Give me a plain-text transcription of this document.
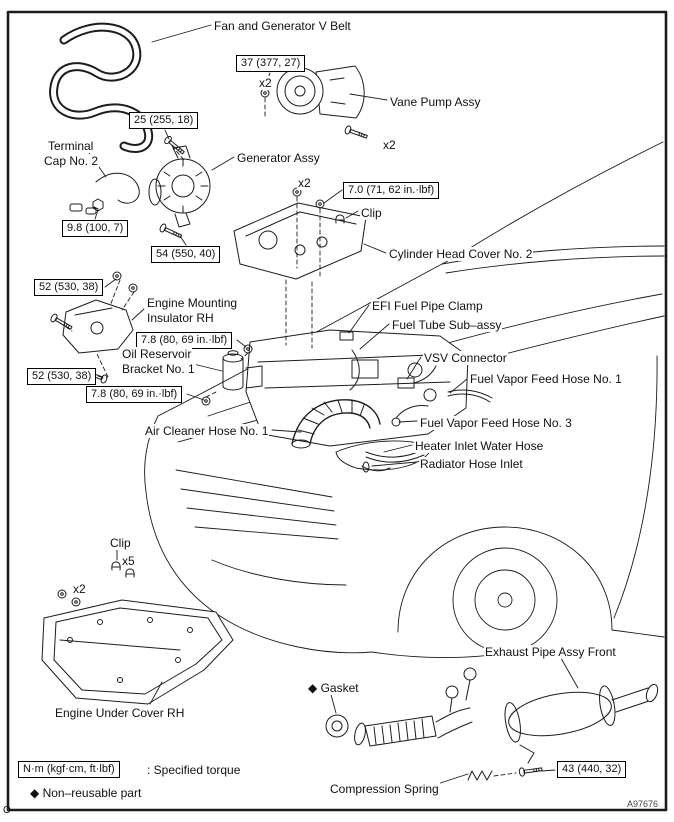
Fan and Generator V Belt
37 (377, 27)
x2
Vane Pump Assy
x2
25 (255, 18)
Terminal
Cap No. 2	Generator Assy
x2	7.0 (71, 62 in.·lbf)
Clip
9.8 (100, 7)
54 (550, 40)	Cylinder Head Cover No. 2
52 (530, 38)
Engine Mounting
Insulator RH
EFI Fuel Pipe Clamp
7.8 (80, 69 in.·lbf)
Fuel Tube Sub–assy
Oil Reservoir
Bracket No. 1
VSV Connector
52 (530, 38)	Fuel Vapor Feed Hose No. 1
7.8 (80, 69 in.·lbf)
Air Cleaner Hose No. 1
Fuel Vapor Feed Hose No. 3
Heater Inlet Water Hose
Radiator Hose Inlet
Clip
x5
x2
Engine Under Cover RH
Exhaust Pipe Assy Front
◆ Gasket
Compression Spring
43 (440, 32)
N·m (kgf·cm, ft·lbf)	: Specified torque
◆ Non–reusable part
A97676
O
